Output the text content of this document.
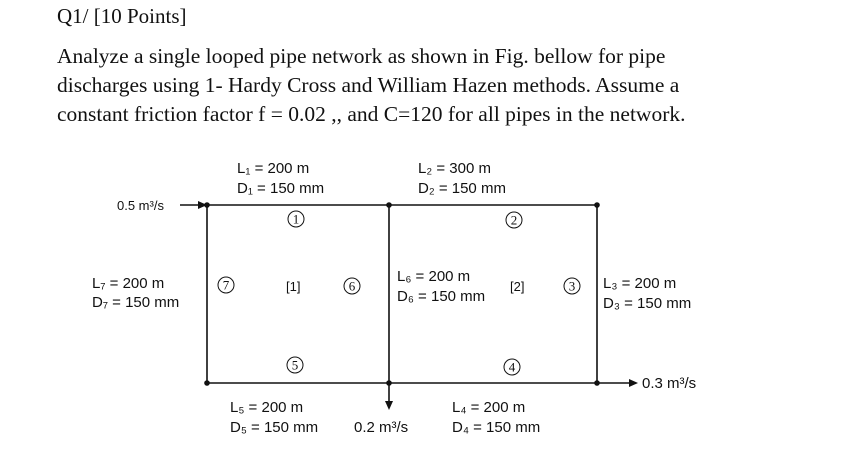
Q1/ [10 Points]
Analyze a single looped pipe network as shown in Fig. bellow for pipe
discharges using 1- Hardy Cross and William Hazen methods. Assume a
constant friction factor f = 0.02 ,, and C=120 for all pipes in the network.
0.5 m³/s
0.3 m³/s
0.2 m³/s
L₁ = 200 m
D₁ = 150 mm
1
L₂ = 300 m
D₂ = 150 mm
2
3 L₃ = 200 m
D₃ = 150 mm
4
L₄ = 200 m
D₄ = 150 mm
5
L₅ = 200 m
D₅ = 150 mm
6
L₆ = 200 m
D₆ = 150 mm
L₇ = 200 m
D₇ = 150 mm
7	[1]	[2]
